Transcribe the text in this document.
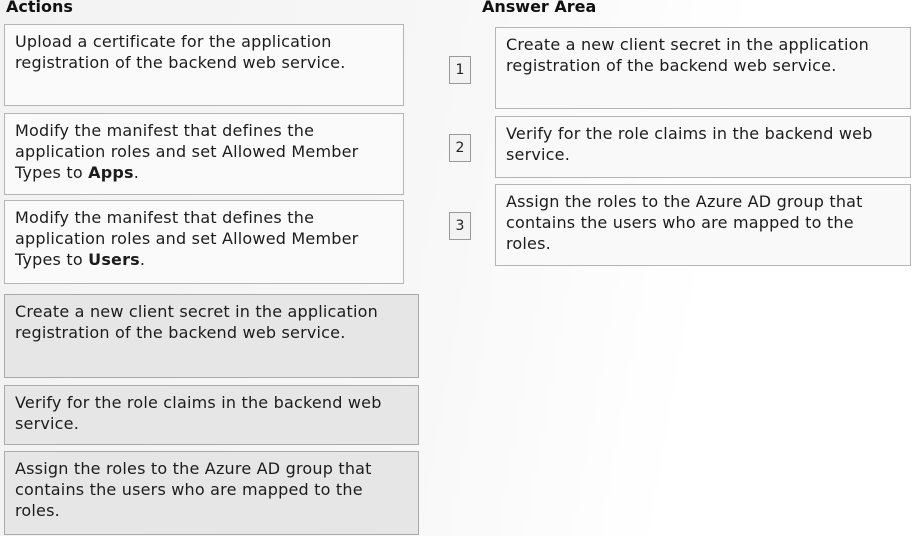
Actions	Answer Area
Upload a certificate for the application registration of the backend web service.
Modify the manifest that defines the application roles and set Allowed Member Types to Apps.
Modify the manifest that defines the application roles and set Allowed Member Types to Users.
Create a new client secret in the application registration of the backend web service.
Verify for the role claims in the backend web service.
Assign the roles to the Azure AD group that contains the users who are mapped to the roles.
1
Create a new client secret in the application registration of the backend web service.
2
Verify for the role claims in the backend web service.
3
Assign the roles to the Azure AD group that contains the users who are mapped to the roles.
